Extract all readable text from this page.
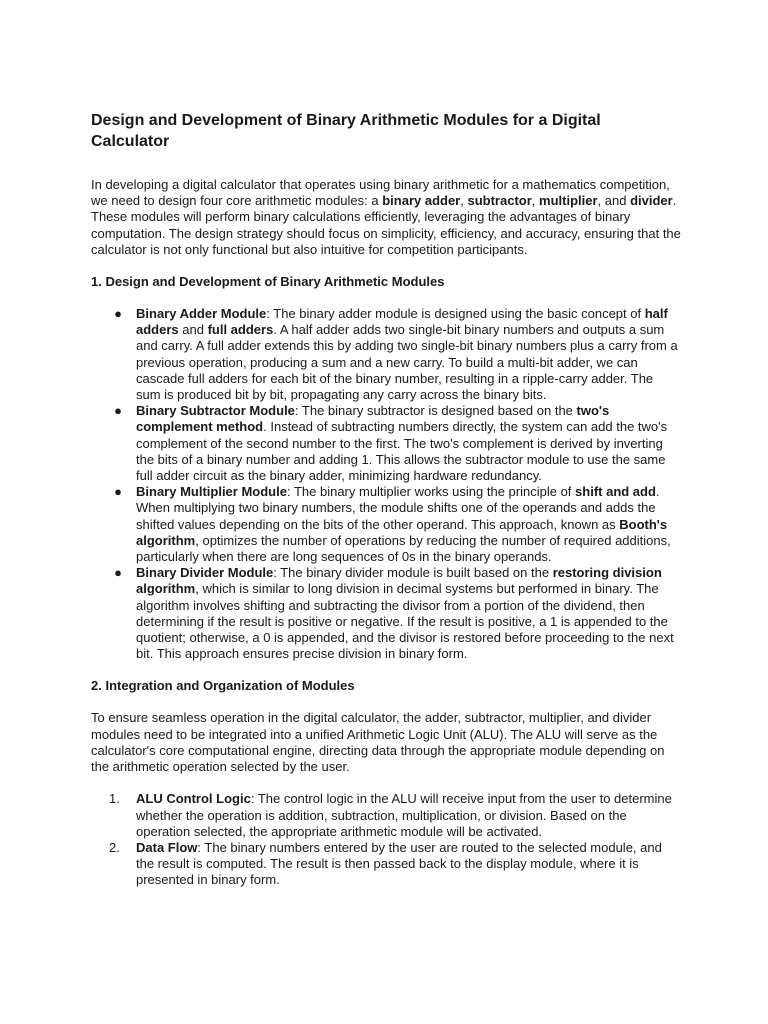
Design and Development of Binary Arithmetic Modules for a Digital Calculator

In developing a digital calculator that operates using binary arithmetic for a mathematics competition, we need to design four core arithmetic modules: a binary adder, subtractor, multiplier, and divider. These modules will perform binary calculations efficiently, leveraging the advantages of binary computation. The design strategy should focus on simplicity, efficiency, and accuracy, ensuring that the calculator is not only functional but also intuitive for competition participants.

1. Design and Development of Binary Arithmetic Modules
● Binary Adder Module: The binary adder module is designed using the basic concept of half adders and full adders. A half adder adds two single-bit binary numbers and outputs a sum and carry. A full adder extends this by adding two single-bit binary numbers plus a carry from a previous operation, producing a sum and a new carry. To build a multi-bit adder, we can cascade full adders for each bit of the binary number, resulting in a ripple-carry adder. The sum is produced bit by bit, propagating any carry across the binary bits.
● Binary Subtractor Module: The binary subtractor is designed based on the two's complement method. Instead of subtracting numbers directly, the system can add the two's complement of the second number to the first. The two's complement is derived by inverting the bits of a binary number and adding 1. This allows the subtractor module to use the same full adder circuit as the binary adder, minimizing hardware redundancy.
● Binary Multiplier Module: The binary multiplier works using the principle of shift and add. When multiplying two binary numbers, the module shifts one of the operands and adds the shifted values depending on the bits of the other operand. This approach, known as Booth's algorithm, optimizes the number of operations by reducing the number of required additions, particularly when there are long sequences of 0s in the binary operands.
● Binary Divider Module: The binary divider module is built based on the restoring division algorithm, which is similar to long division in decimal systems but performed in binary. The algorithm involves shifting and subtracting the divisor from a portion of the dividend, then determining if the result is positive or negative. If the result is positive, a 1 is appended to the quotient; otherwise, a 0 is appended, and the divisor is restored before proceeding to the next bit. This approach ensures precise division in binary form.
2. Integration and Organization of Modules

To ensure seamless operation in the digital calculator, the adder, subtractor, multiplier, and divider modules need to be integrated into a unified Arithmetic Logic Unit (ALU). The ALU will serve as the calculator's core computational engine, directing data through the appropriate module depending on the arithmetic operation selected by the user.

1.	ALU Control Logic: The control logic in the ALU will receive input from the user to determine whether the operation is addition, subtraction, multiplication, or division. Based on the operation selected, the appropriate arithmetic module will be activated.
2.	Data Flow: The binary numbers entered by the user are routed to the selected module, and the result is computed. The result is then passed back to the display module, where it is presented in binary form.
